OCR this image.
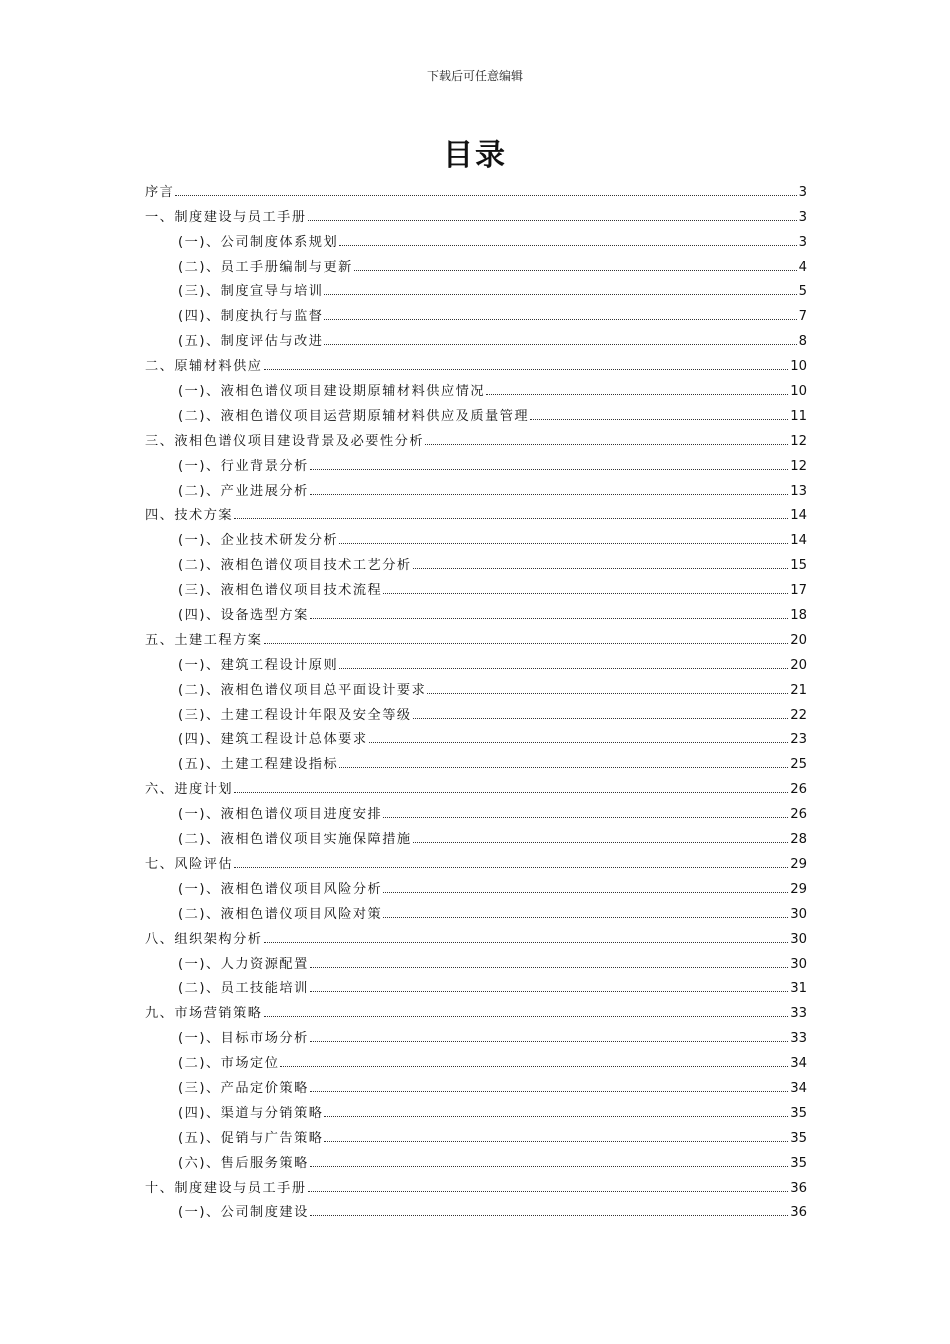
下载后可任意编辑
目录
序言	3
一、制度建设与员工手册	3
(一)、公司制度体系规划	3
(二)、员工手册编制与更新	4
(三)、制度宣导与培训	5
(四)、制度执行与监督	7
(五)、制度评估与改进	8
二、原辅材料供应	10
(一)、液相色谱仪项目建设期原辅材料供应情况	10
(二)、液相色谱仪项目运营期原辅材料供应及质量管理	11
三、液相色谱仪项目建设背景及必要性分析	12
(一)、行业背景分析	12
(二)、产业进展分析	13
四、技术方案	14
(一)、企业技术研发分析	14
(二)、液相色谱仪项目技术工艺分析	15
(三)、液相色谱仪项目技术流程	17
(四)、设备选型方案	18
五、土建工程方案	20
(一)、建筑工程设计原则	20
(二)、液相色谱仪项目总平面设计要求	21
(三)、土建工程设计年限及安全等级	22
(四)、建筑工程设计总体要求	23
(五)、土建工程建设指标	25
六、进度计划	26
(一)、液相色谱仪项目进度安排	26
(二)、液相色谱仪项目实施保障措施	28
七、风险评估	29
(一)、液相色谱仪项目风险分析	29
(二)、液相色谱仪项目风险对策	30
八、组织架构分析	30
(一)、人力资源配置	30
(二)、员工技能培训	31
九、市场营销策略	33
(一)、目标市场分析	33
(二)、市场定位	34
(三)、产品定价策略	34
(四)、渠道与分销策略	35
(五)、促销与广告策略	35
(六)、售后服务策略	35
十、制度建设与员工手册	36
(一)、公司制度建设	36
